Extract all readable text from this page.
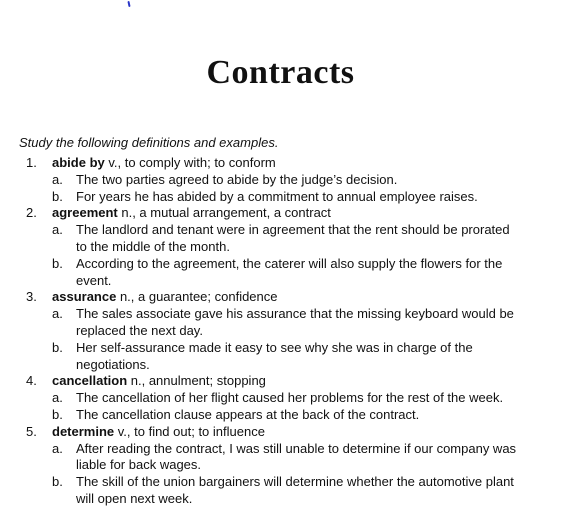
Contracts

Study the following definitions and examples.

1.	abide by v., to comply with; to conform
a. The two parties agreed to abide by the judge’s decision.
b. For years he has abided by a commitment to annual employee raises.
2.	agreement n., a mutual arrangement, a contract
a. The landlord and tenant were in agreement that the rent should be prorated to the middle of the month.
b. According to the agreement, the caterer will also supply the flowers for the event.
3.	assurance n., a guarantee; confidence
a. The sales associate gave his assurance that the missing keyboard would be replaced the next day.
b. Her self-assurance made it easy to see why she was in charge of the negotiations.
4.	cancellation n., annulment; stopping
a. The cancellation of her flight caused her problems for the rest of the week.
b. The cancellation clause appears at the back of the contract.
5.	determine v., to find out; to influence
a. After reading the contract, I was still unable to determine if our company was liable for back wages.
b. The skill of the union bargainers will determine whether the automotive plant will open next week.
